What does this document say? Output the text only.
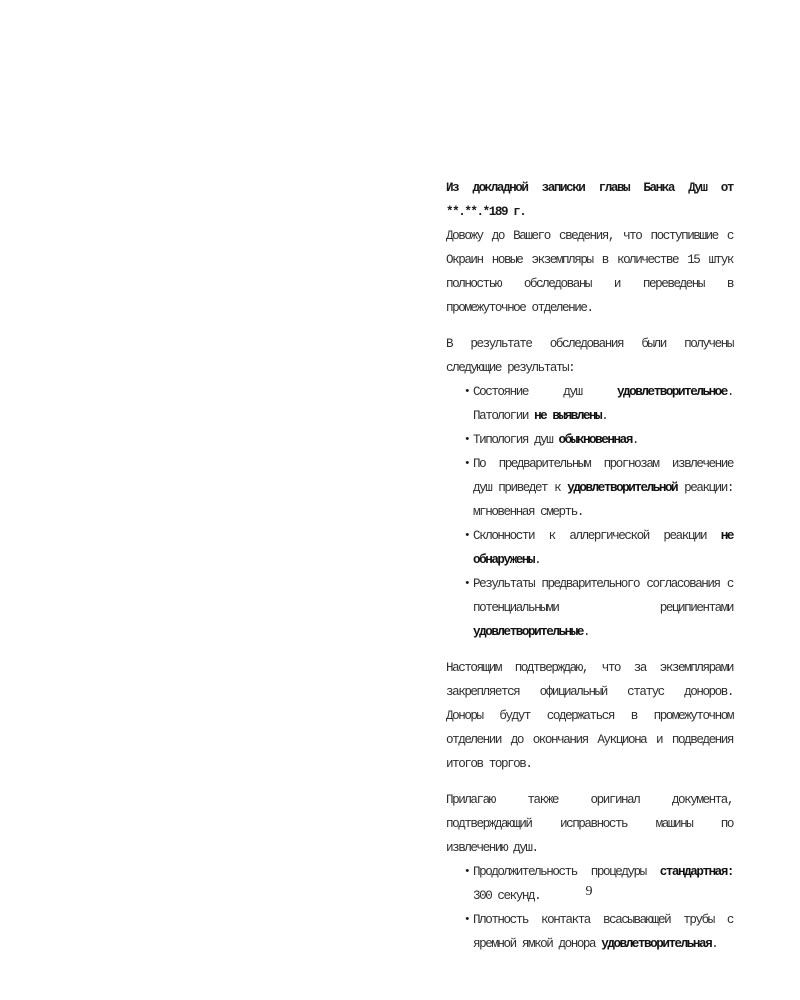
Из докладной записки главы Банка Душ от **.**.*189 г.
Довожу до Вашего сведения, что поступившие с Окраин новые экземпляры в количестве 15 штук полностью обследованы и переведены в промежуточное отделение.
В результате обследования были получены следующие результаты:
• Состояние душ удовлетворительное. Патологии не выявлены.
• Типология душ обыкновенная.
• По предварительным прогнозам извлечение душ приведет к удовлетворительной реакции: мгновенная смерть.
• Склонности к аллергической реакции не обнаружены.
• Результаты предварительного согласования с потенциальными реципиентами удовлетворительные.
Настоящим подтверждаю, что за экземплярами закрепляется официальный статус доноров. Доноры будут содержаться в промежуточном отделении до окончания Аукциона и подведения итогов торгов.
Прилагаю также оригинал документа, подтверждающий исправность машины по извлечению душ.
• Продолжительность процедуры стандартная: 300 секунд.
• Плотность контакта всасывающей трубы с яремной ямкой донора удовлетворительная.
9
